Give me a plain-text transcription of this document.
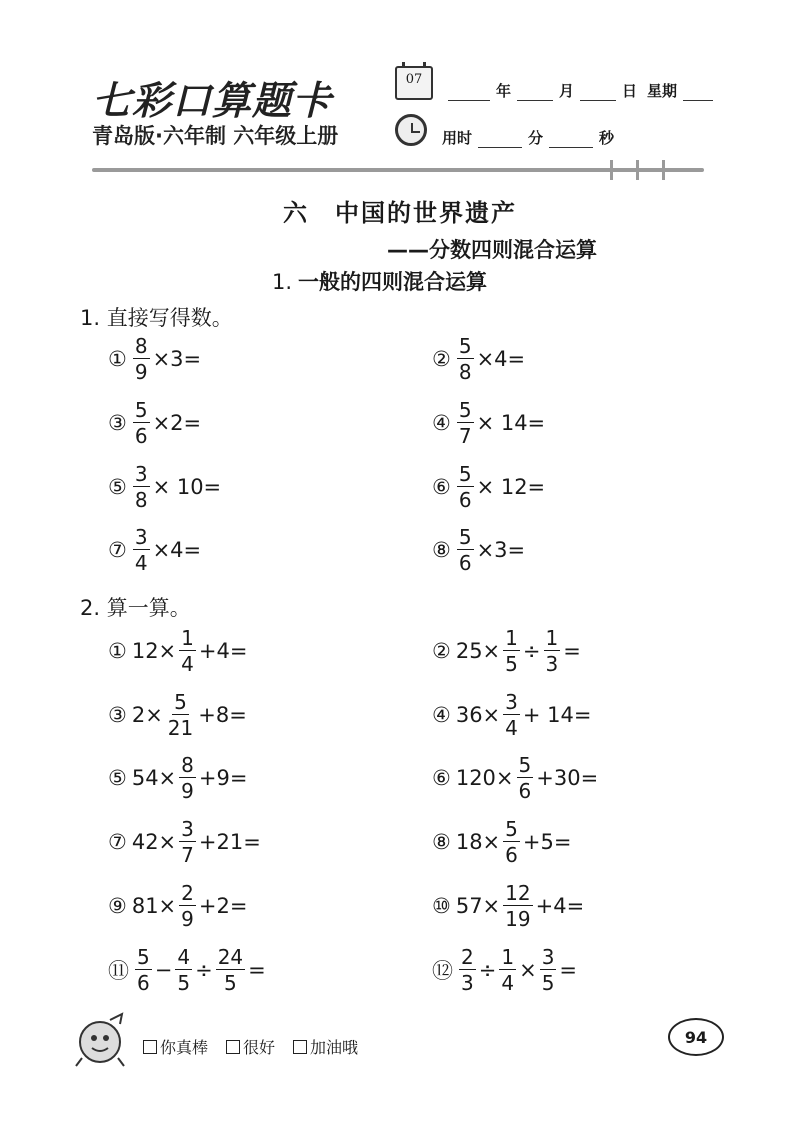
七彩口算题卡
青岛版·六年制 六年级上册
07
年	月	日 星期
用时	分	秒
六　中国的世界遗产
——分数四则混合运算
1. 一般的四则混合运算
1. 直接写得数。
2. 算一算。
① $\frac{8}{9} \times 3=$	② $\frac{5}{8} \times 4=$
③ $\frac{5}{6} \times 2=$	④ $\frac{5}{7} \times 14=$
⑤ $\frac{3}{8} \times 10=$	⑥ $\frac{5}{6} \times 12=$
⑦ $\frac{3}{4} \times 4=$	⑧ $\frac{5}{6} \times 3=$
① $12\times \frac{1}{4} +4=$	② $25\times \frac{1}{5} \div \frac{1}{3}$ =
③ $2\times \frac{5}{21} +8=$	④ $36\times \frac{3}{4} + 14=$
⑤ $54\times \frac{8}{9} +9=$	⑥ $120\times \frac{5}{6} +30=$
⑦ $42\times \frac{3}{7} +21=$	⑧ $18\times \frac{5}{6} +5=$
⑨ $81\times \frac{2}{9} +2=$	⑩ $57\times \frac{12}{19} +4=$
⑪ $\frac{5}{6} - \frac{4}{5} \div \frac{24}{5}$ =	⑫ $\frac{2}{3} \div \frac{1}{4} \times \frac{3}{5}$ =
你真棒	很好	加油哦
94
